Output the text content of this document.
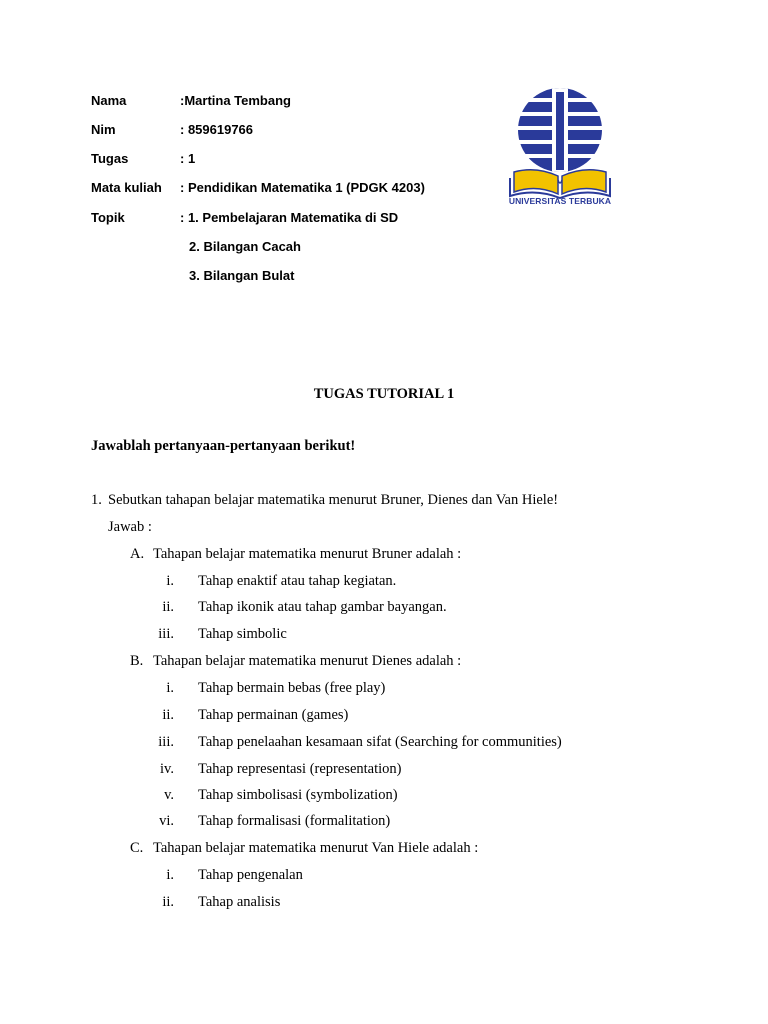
Nama	:Martina Tembang
Nim	: 859619766
Tugas	: 1
Mata kuliah : Pendidikan Matematika 1 (PDGK 4203)
Topik	: 1. Pembelajaran Matematika di SD
2. Bilangan Cacah
3. Bilangan Bulat
UNIVERSITAS TERBUKA
TUGAS TUTORIAL 1
Jawablah pertanyaan-pertanyaan berikut!
1. Sebutkan tahapan belajar matematika menurut Bruner, Dienes dan Van Hiele!
Jawab :
A. Tahapan belajar matematika menurut Bruner adalah :
i. Tahap enaktif atau tahap kegiatan.
ii. Tahap ikonik atau tahap gambar bayangan.
iii. Tahap simbolic
B. Tahapan belajar matematika menurut Dienes adalah :
i. Tahap bermain bebas (free play)
ii. Tahap permainan (games)
iii. Tahap penelaahan kesamaan sifat (Searching for communities)
iv. Tahap representasi (representation)
v. Tahap simbolisasi (symbolization)
vi. Tahap formalisasi (formalitation)
C. Tahapan belajar matematika menurut Van Hiele adalah :
i. Tahap pengenalan
ii. Tahap analisis
